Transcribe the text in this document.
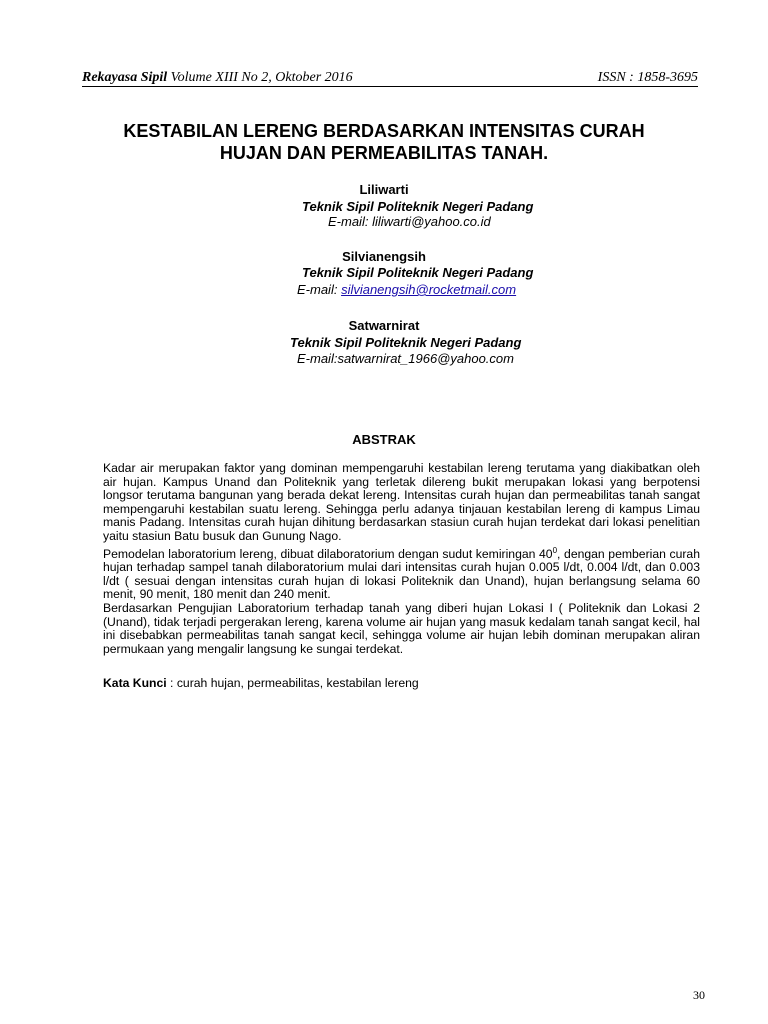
Rekayasa Sipil Volume XIII No 2, Oktober 2016	ISSN : 1858-3695
KESTABILAN LERENG BERDASARKAN INTENSITAS CURAH HUJAN DAN PERMEABILITAS TANAH.
Liliwarti
Teknik Sipil Politeknik Negeri Padang
E-mail: liliwarti@yahoo.co.id
Silvianengsih
Teknik Sipil Politeknik Negeri Padang
E-mail: silvianengsih@rocketmail.com
Satwarnirat
Teknik Sipil Politeknik Negeri Padang
E-mail:satwarnirat_1966@yahoo.com
ABSTRAK

Kadar air merupakan faktor yang dominan mempengaruhi kestabilan lereng terutama yang diakibatkan oleh air hujan. Kampus Unand dan Politeknik yang terletak dilereng bukit merupakan lokasi yang berpotensi longsor terutama bangunan yang berada dekat lereng. Intensitas curah hujan dan permeabilitas tanah sangat mempengaruhi kestabilan suatu lereng. Sehingga perlu adanya tinjauan kestabilan lereng di kampus Limau manis Padang. Intensitas curah hujan dihitung berdasarkan stasiun curah hujan terdekat dari lokasi penelitian yaitu stasiun Batu busuk dan Gunung Nago.

Pemodelan laboratorium lereng, dibuat dilaboratorium dengan sudut kemiringan $40^0$, dengan pemberian curah hujan terhadap sampel tanah dilaboratorium mulai dari intensitas curah hujan 0.005 l/dt, 0.004 l/dt, dan 0.003 l/dt ( sesuai dengan intensitas curah hujan di lokasi Politeknik dan Unand), hujan berlangsung selama 60 menit, 90 menit, 180 menit dan 240 menit.

Berdasarkan Pengujian Laboratorium terhadap tanah yang diberi hujan Lokasi I ( Politeknik dan Lokasi 2 (Unand), tidak terjadi pergerakan lereng, karena volume air hujan yang masuk kedalam tanah sangat kecil, hal ini disebabkan permeabilitas tanah sangat kecil, sehingga volume air hujan lebih dominan merupakan aliran permukaan yang mengalir langsung ke sungai terdekat.

Kata Kunci : curah hujan, permeabilitas, kestabilan lereng
30
